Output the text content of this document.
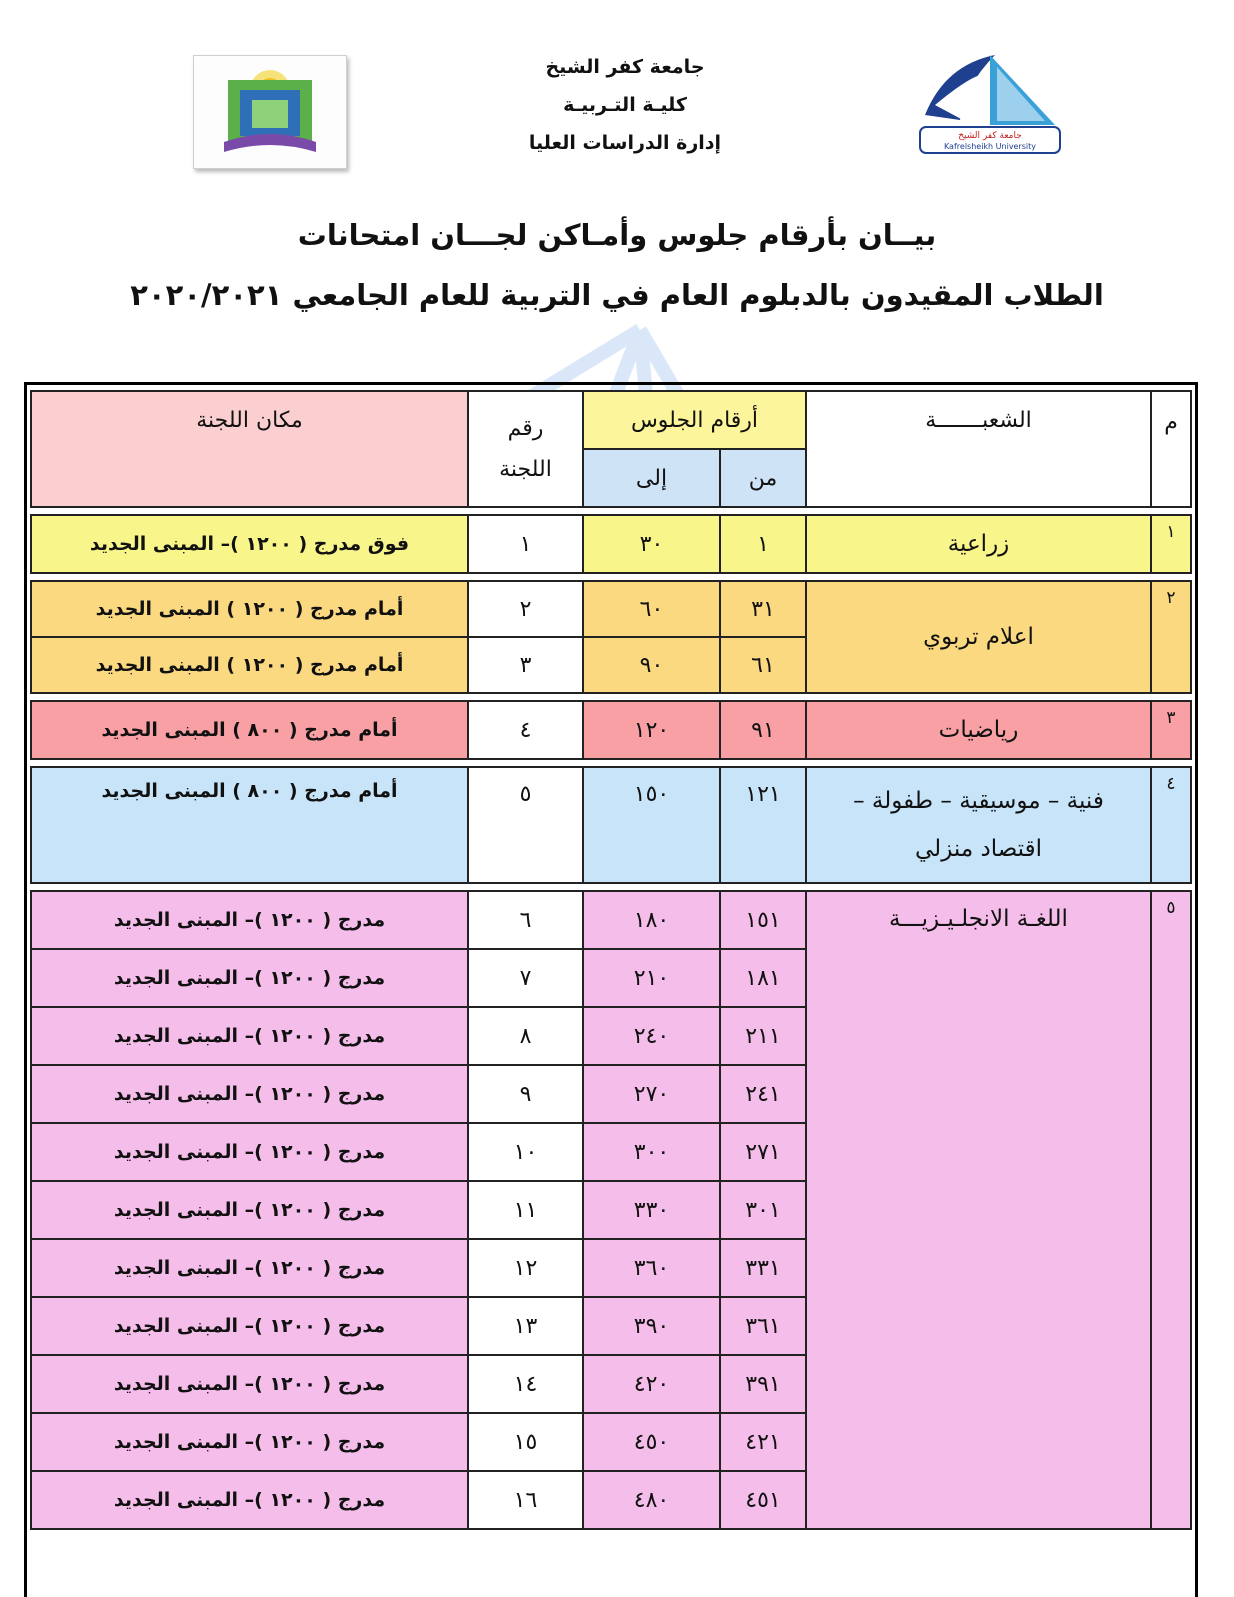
جامعة كفر الشيخ
Kafrelsheikh University
جامعة كفر الشيخ
كليـة التـربيـة
إدارة الدراسات العليا
بيــان بأرقام جلوس وأمـاكن لجـــان امتحانات
الطلاب المقيدون بالدبلوم العام في التربية للعام الجامعي ٢٠٢٠/٢٠٢١
م	الشعبـــــــة	أرقام الجلوس		رقم
اللجنة	مكان اللجنة
		من	إلى		

١	زراعية	١	٣٠	١	فوق مدرج ( ١٢٠٠ )– المبنى الجديد

٢	اعلام تربوي	٣١	٦٠	٢	أمام مدرج ( ١٢٠٠ ) المبنى الجديد
		٦١	٩٠	٣	أمام مدرج ( ١٢٠٠ ) المبنى الجديد

٣	رياضيات	٩١	١٢٠	٤	أمام مدرج ( ٨٠٠ ) المبنى الجديد

٤	فنية – موسيقية – طفولة –
اقتصاد منزلي	١٢١	١٥٠	٥	أمام مدرج ( ٨٠٠ ) المبنى الجديد

٥	اللغـة الانجلـيـزيـــة	١٥١	١٨٠	٦	مدرج ( ١٢٠٠ )– المبنى الجديد
		١٨١	٢١٠	٧	مدرج ( ١٢٠٠ )– المبنى الجديد
		٢١١	٢٤٠	٨	مدرج ( ١٢٠٠ )– المبنى الجديد
		٢٤١	٢٧٠	٩	مدرج ( ١٢٠٠ )– المبنى الجديد
		٢٧١	٣٠٠	١٠	مدرج ( ١٢٠٠ )– المبنى الجديد
		٣٠١	٣٣٠	١١	مدرج ( ١٢٠٠ )– المبنى الجديد
		٣٣١	٣٦٠	١٢	مدرج ( ١٢٠٠ )– المبنى الجديد
		٣٦١	٣٩٠	١٣	مدرج ( ١٢٠٠ )– المبنى الجديد
		٣٩١	٤٢٠	١٤	مدرج ( ١٢٠٠ )– المبنى الجديد
		٤٢١	٤٥٠	١٥	مدرج ( ١٢٠٠ )– المبنى الجديد
		٤٥١	٤٨٠	١٦	مدرج ( ١٢٠٠ )– المبنى الجديد
